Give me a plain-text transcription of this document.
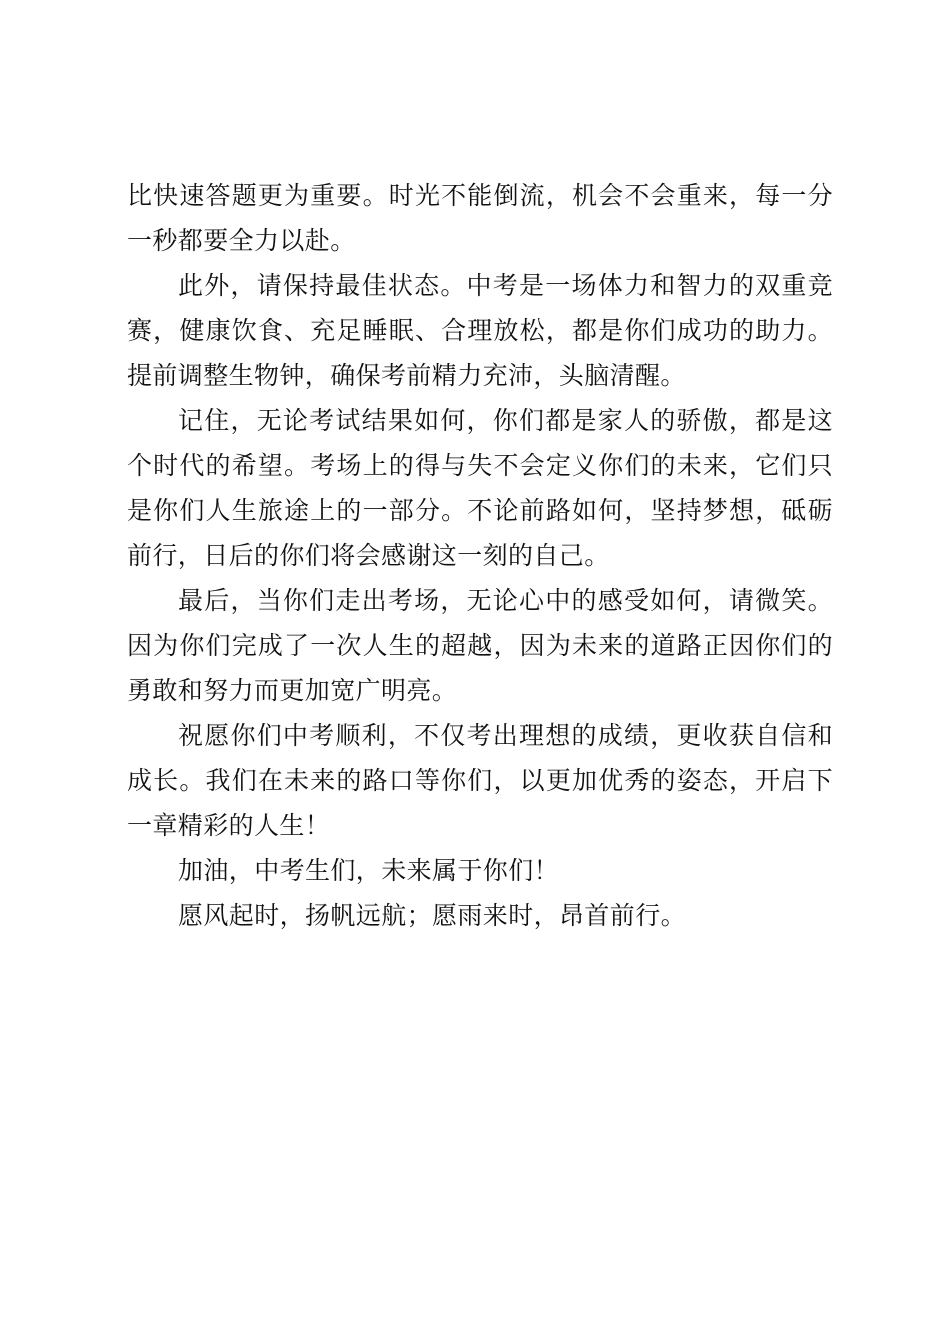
比快速答题更为重要。时光不能倒流，机会不会重来，每一分一秒都要全力以赴。

此外，请保持最佳状态。中考是一场体力和智力的双重竞赛，健康饮食、充足睡眠、合理放松，都是你们成功的助力。提前调整生物钟，确保考前精力充沛，头脑清醒。

记住，无论考试结果如何，你们都是家人的骄傲，都是这个时代的希望。考场上的得与失不会定义你们的未来，它们只是你们人生旅途上的一部分。不论前路如何，坚持梦想，砥砺前行，日后的你们将会感谢这一刻的自己。

最后，当你们走出考场，无论心中的感受如何，请微笑。因为你们完成了一次人生的超越，因为未来的道路正因你们的勇敢和努力而更加宽广明亮。

祝愿你们中考顺利，不仅考出理想的成绩，更收获自信和成长。我们在未来的路口等你们，以更加优秀的姿态，开启下一章精彩的人生！

加油，中考生们，未来属于你们！

愿风起时，扬帆远航；愿雨来时，昂首前行。
